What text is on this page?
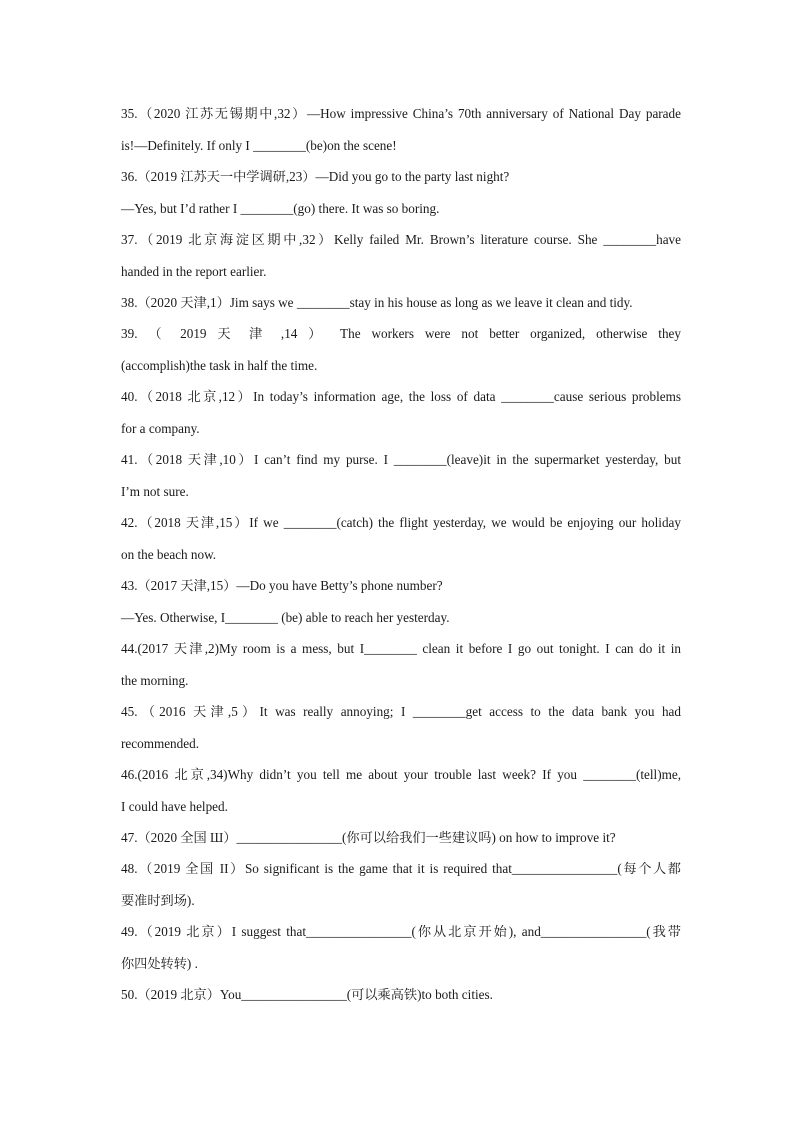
35.（2020 江苏无锡期中,32）—How impressive China’s 70th anniversary of National Day parade
is!—Definitely. If only I ________(be)on the scene!
36.（2019 江苏天一中学调研,23）—Did you go to the party last night?
—Yes, but I’d rather I ________(go) there. It was so boring.
37.（2019 北京海淀区期中,32）Kelly failed Mr. Brown’s literature course. She ________have
handed in the report earlier.
38.（2020 天津,1）Jim says we ________stay in his house as long as we leave it clean and tidy.
39. （ 2019 天 津 ,14 ） The workers were not better organized, otherwise they
(accomplish)the task in half the time.
40.（2018 北京,12）In today’s information age, the loss of data ________cause serious problems
for a company.
41.（2018 天津,10）I can’t find my purse. I ________(leave)it in the supermarket yesterday, but
I’m not sure.
42.（2018 天津,15）If we ________(catch) the flight yesterday, we would be enjoying our holiday
on the beach now.
43.（2017 天津,15）—Do you have Betty’s phone number?
—Yes. Otherwise, I________ (be) able to reach her yesterday.
44.(2017 天津,2)My room is a mess, but I________ clean it before I go out tonight. I can do it in
the morning.
45.（2016 天津,5）It was really annoying; I ________get access to the data bank you had
recommended.
46.(2016 北京,34)Why didn’t you tell me about your trouble last week? If you ________(tell)me,
I could have helped.
47.（2020 全国 Ш）________________(你可以给我们一些建议吗) on how to improve it?
48.（2019 全国 II）So significant is the game that it is required that________________(每个人都
要准时到场).
49.（2019 北京）I suggest that________________(你从北京开始), and________________(我带
你四处转转) .
50.（2019 北京）You________________(可以乘高铁)to both cities.
